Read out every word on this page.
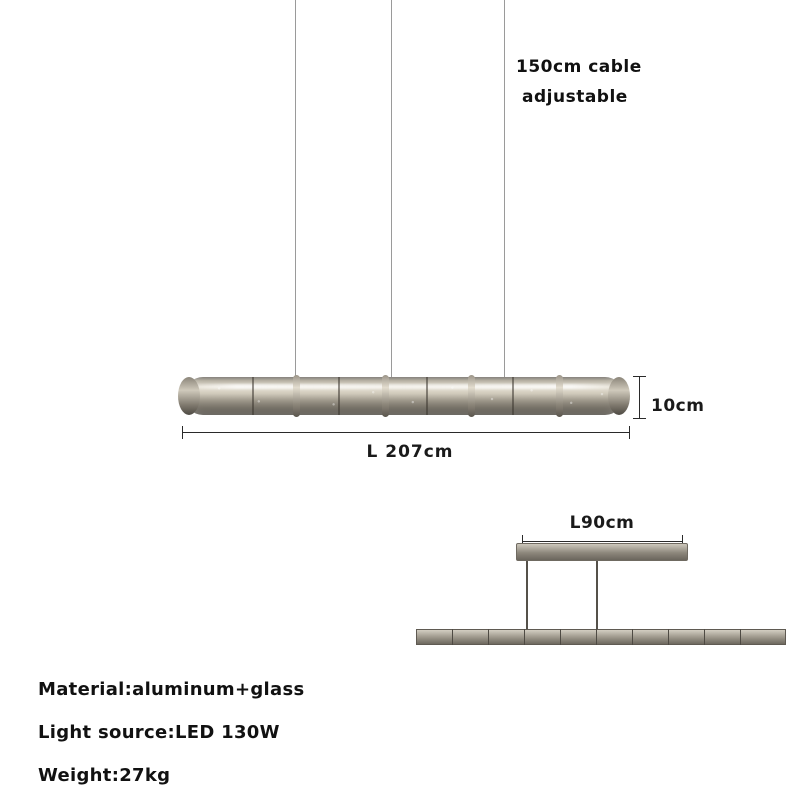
150cm cable
adjustable
L 207cm
10cm
L90cm
Material:aluminum+glass
Light source:LED 130W
Weight:27kg
